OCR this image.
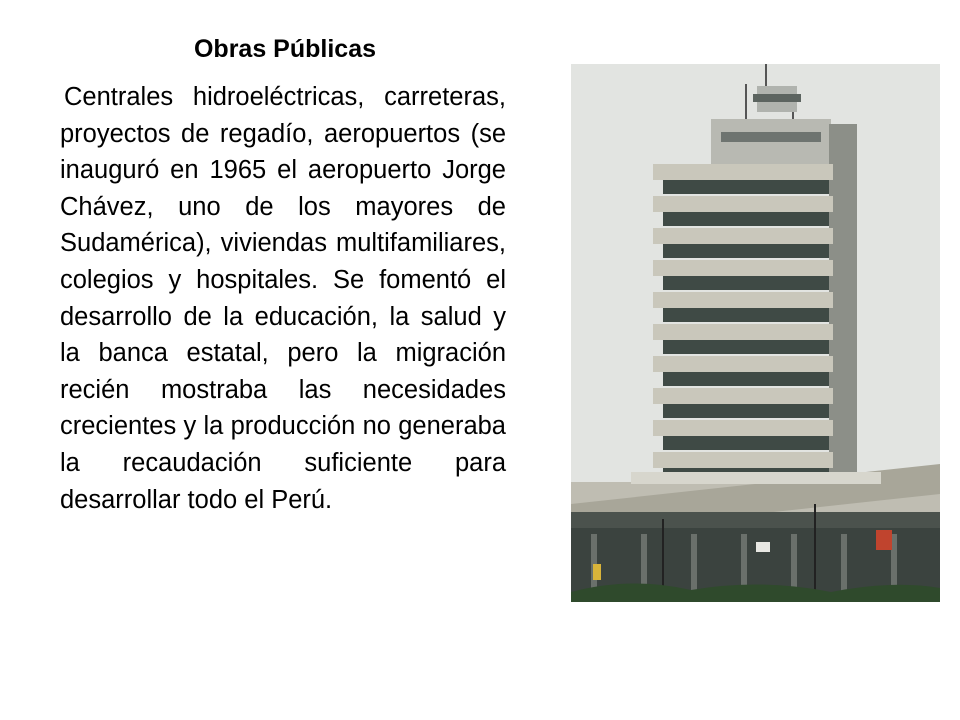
Obras Públicas
Centrales hidroeléctricas, carreteras, proyectos de regadío, aeropuertos (se inauguró en 1965 el aeropuerto Jorge Chávez, uno de los mayores de Sudamérica), viviendas multifamiliares, colegios y hospitales. Se fomentó el desarrollo de la educación, la salud y la banca estatal, pero la migración recién mostraba las necesidades crecientes y la producción no generaba la recaudación suficiente para desarrollar todo el Perú.
